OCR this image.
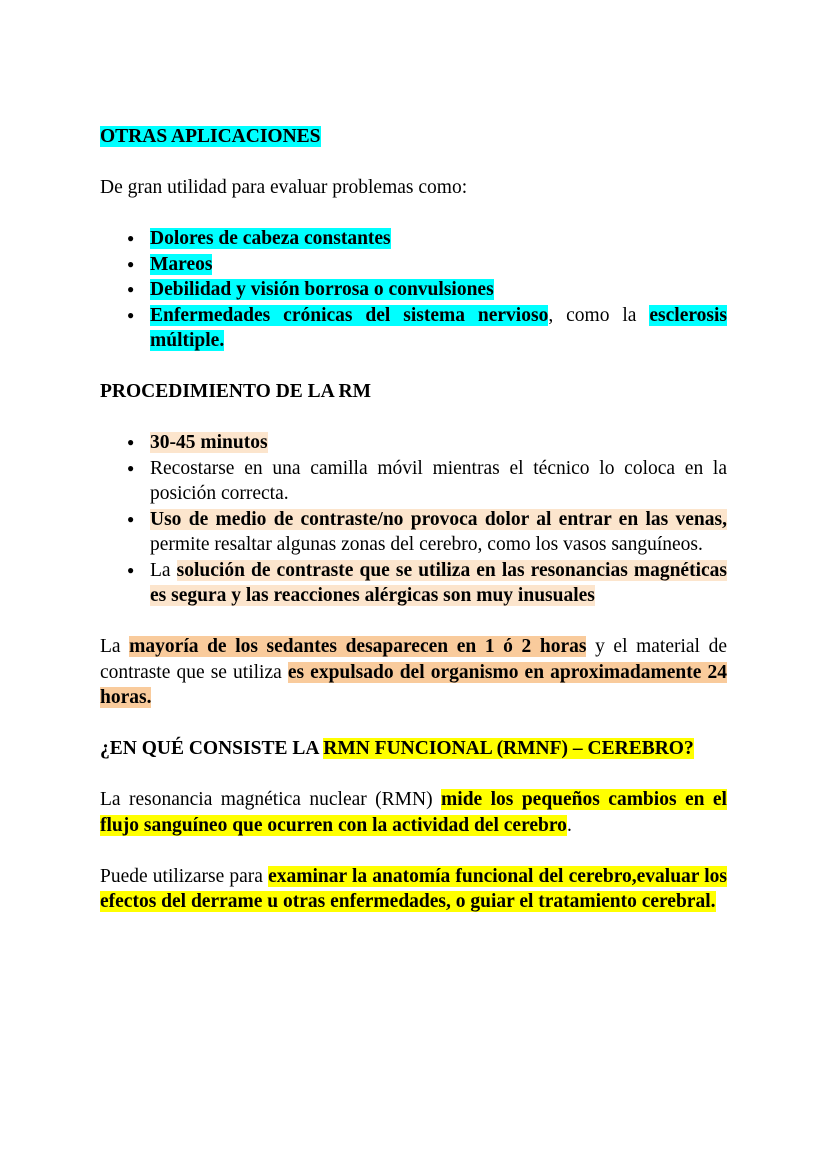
OTRAS APLICACIONES
De gran utilidad para evaluar problemas como:
● Dolores de cabeza constantes
● Mareos
● Debilidad y visión borrosa o convulsiones
● Enfermedades crónicas del sistema nervioso, como la esclerosis múltiple.
PROCEDIMIENTO DE LA RM
● 30-45 minutos
● Recostarse en una camilla móvil mientras el técnico lo coloca en la posición correcta.
● Uso de medio de contraste/no provoca dolor al entrar en las venas, permite resaltar algunas zonas del cerebro, como los vasos sanguíneos.
● La solución de contraste que se utiliza en las resonancias magnéticas es segura y las reacciones alérgicas son muy inusuales
La mayoría de los sedantes desaparecen en 1 ó 2 horas y el material de contraste que se utiliza es expulsado del organismo en aproximadamente 24 horas.
¿EN QUÉ CONSISTE LA RMN FUNCIONAL (RMNF) – CEREBRO?
La resonancia magnética nuclear (RMN) mide los pequeños cambios en el flujo sanguíneo que ocurren con la actividad del cerebro.
Puede utilizarse para examinar la anatomía funcional del cerebro,evaluar los efectos del derrame u otras enfermedades, o guiar el tratamiento cerebral.
